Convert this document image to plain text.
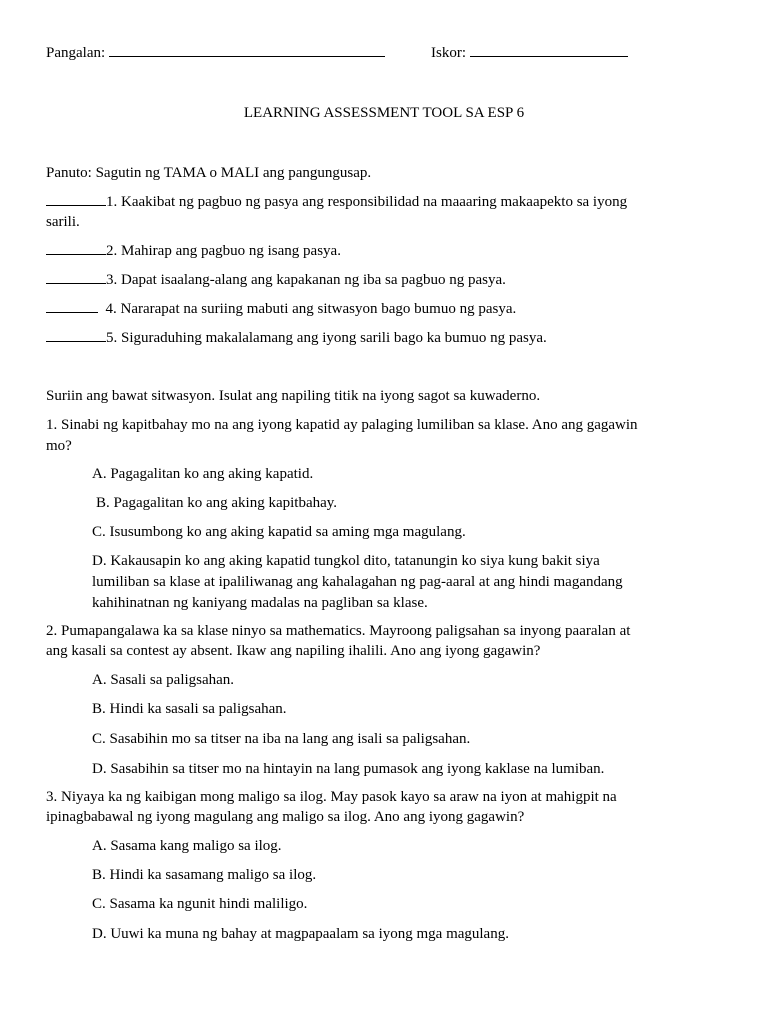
Pangalan:	Iskor:
LEARNING ASSESSMENT TOOL SA ESP 6
Panuto: Sagutin ng TAMA o MALI ang pangungusap.
1. Kaakibat ng pagbuo ng pasya ang responsibilidad na maaaring makaapekto sa iyong
sarili.
2. Mahirap ang pagbuo ng isang pasya.
3. Dapat isaalang-alang ang kapakanan ng iba sa pagbuo ng pasya.
4. Nararapat na suriing mabuti ang sitwasyon bago bumuo ng pasya.
5. Siguraduhing makalalamang ang iyong sarili bago ka bumuo ng pasya.
Suriin ang bawat sitwasyon. Isulat ang napiling titik na iyong sagot sa kuwaderno.
1. Sinabi ng kapitbahay mo na ang iyong kapatid ay palaging lumiliban sa klase. Ano ang gagawin
mo?
A. Pagagalitan ko ang aking kapatid.
B. Pagagalitan ko ang aking kapitbahay.
C. Isusumbong ko ang aking kapatid sa aming mga magulang.
D. Kakausapin ko ang aking kapatid tungkol dito, tatanungin ko siya kung bakit siya
lumiliban sa klase at ipaliliwanag ang kahalagahan ng pag-aaral at ang hindi magandang
kahihinatnan ng kaniyang madalas na pagliban sa klase.
2. Pumapangalawa ka sa klase ninyo sa mathematics. Mayroong paligsahan sa inyong paaralan at
ang kasali sa contest ay absent. Ikaw ang napiling ihalili. Ano ang iyong gagawin?
A. Sasali sa paligsahan.
B. Hindi ka sasali sa paligsahan.
C. Sasabihin mo sa titser na iba na lang ang isali sa paligsahan.
D. Sasabihin sa titser mo na hintayin na lang pumasok ang iyong kaklase na lumiban.
3. Niyaya ka ng kaibigan mong maligo sa ilog. May pasok kayo sa araw na iyon at mahigpit na
ipinagbabawal ng iyong magulang ang maligo sa ilog. Ano ang iyong gagawin?
A. Sasama kang maligo sa ilog.
B. Hindi ka sasamang maligo sa ilog.
C. Sasama ka ngunit hindi maliligo.
D. Uuwi ka muna ng bahay at magpapaalam sa iyong mga magulang.
